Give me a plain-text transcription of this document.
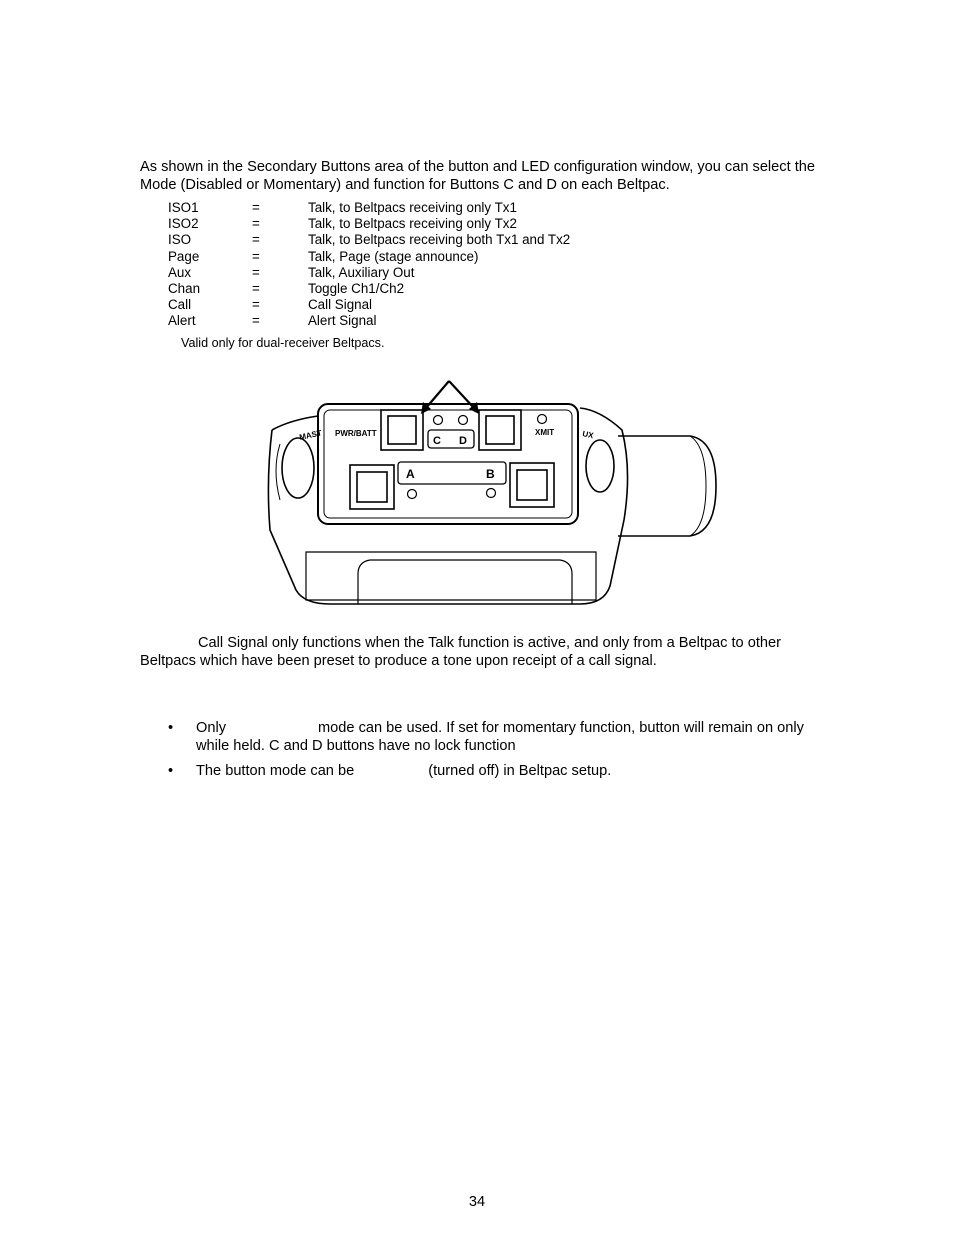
As shown in the Secondary Buttons area of the button and LED configuration window, you can select the Mode (Disabled or Momentary) and function for Buttons C and D on each Beltpac.
ISO1	=	Talk, to Beltpacs receiving only Tx1
ISO2	=	Talk, to Beltpacs receiving only Tx2
ISO	=	Talk, to Beltpacs receiving both Tx1 and Tx2
Page	=	Talk, Page (stage announce)
Aux	=	Talk, Auxiliary Out
Chan	=	Toggle Ch1/Ch2
Call	=	Call Signal
Alert	=	Alert Signal
Valid only for dual-receiver Beltpacs.
MAST PWR/BATT
C D
XMIT	UX
A	B
Call Signal only functions when the Talk function is active, and only from a Beltpac to other Beltpacs which have been preset to produce a tone upon receipt of a call signal.
• Only	mode can be used. If set for momentary function, button will remain on only while held. C and D buttons have no lock function
• The button mode can be	(turned off) in Beltpac setup.
34
